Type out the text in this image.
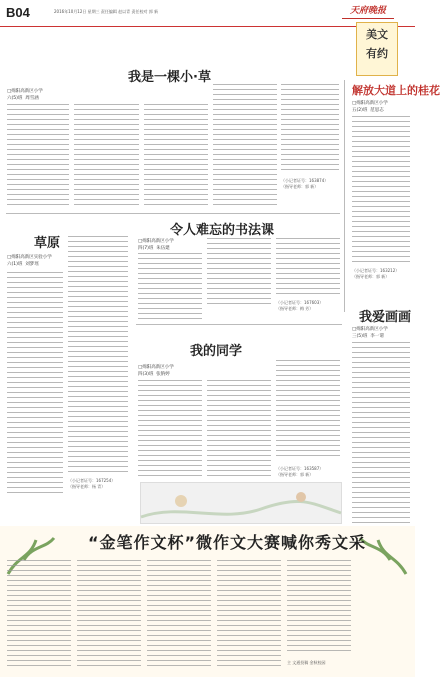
B04	2016年10月12日 星期三 责任编辑 赵以青 责任校对 郭 新	天府晚报
美文
有约
我是一棵小·草
□绵阳高新区小学
六(5)班  周雪涵
（小记者证号：163874）
（指导老师：郭 新）
解放大道上的桂花
□绵阳高新区小学
五(2)班  范思志
（小记者证号：163212）
（指导老师：郭 新）
草原
□绵阳高新区实验小学
六(1)班  刘梦瑶
（小记者证号：167254）
（指导老师：杨 青）
令人难忘的书法课
□绵阳高新区小学
四(7)班  朱伍建
（小记者证号：167603）
（指导老师：梅 芳）
我的同学
□绵阳高新区小学
四(3)班  张钠婷
（小记者证号：163587）
（指导老师：郭 新）
我爱画画
□绵阳高新区小学
三(5)班  李一谓
“金笔作文杯”微作文大赛喊你秀文采
主 文通投稿 金秋校园
